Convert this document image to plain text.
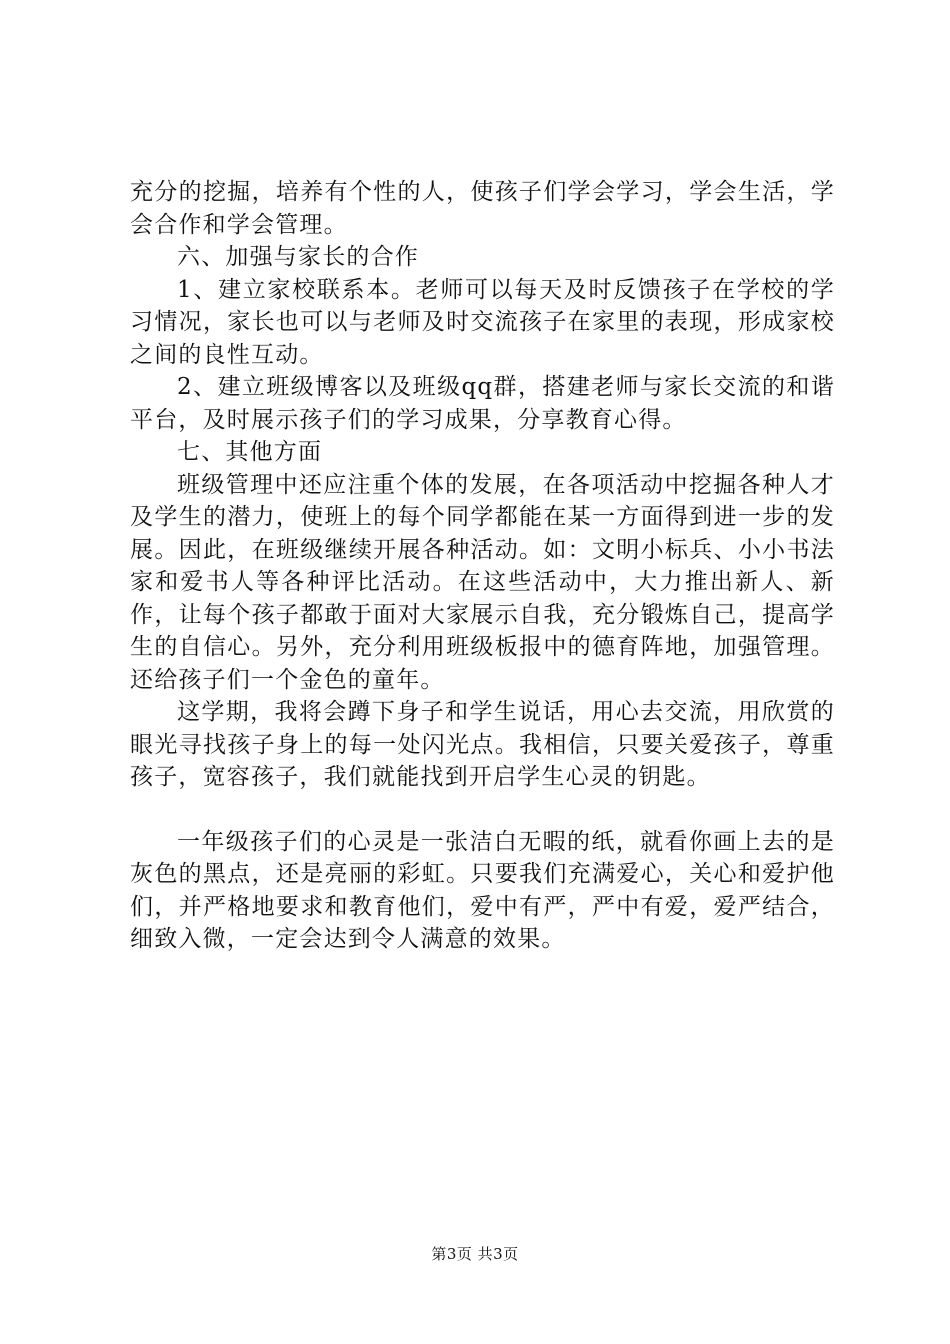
充分的挖掘，培养有个性的人，使孩子们学会学习，学会生活，学会合作和学会管理。

六、加强与家长的合作

1、建立家校联系本。老师可以每天及时反馈孩子在学校的学习情况，家长也可以与老师及时交流孩子在家里的表现，形成家校之间的良性互动。

2、建立班级博客以及班级qq群，搭建老师与家长交流的和谐平台，及时展示孩子们的学习成果，分享教育心得。

七、其他方面

班级管理中还应注重个体的发展，在各项活动中挖掘各种人才及学生的潜力，使班上的每个同学都能在某一方面得到进一步的发展。因此，在班级继续开展各种活动。如：文明小标兵、小小书法家和爱书人等各种评比活动。在这些活动中，大力推出新人、新作，让每个孩子都敢于面对大家展示自我，充分锻炼自己，提高学生的自信心。另外，充分利用班级板报中的德育阵地，加强管理。还给孩子们一个金色的童年。

这学期，我将会蹲下身子和学生说话，用心去交流，用欣赏的眼光寻找孩子身上的每一处闪光点。我相信，只要关爱孩子，尊重孩子，宽容孩子，我们就能找到开启学生心灵的钥匙。

一年级孩子们的心灵是一张洁白无暇的纸，就看你画上去的是灰色的黑点，还是亮丽的彩虹。只要我们充满爱心，关心和爱护他们，并严格地要求和教育他们，爱中有严，严中有爱，爱严结合，细致入微，一定会达到令人满意的效果。

第3页 共3页
